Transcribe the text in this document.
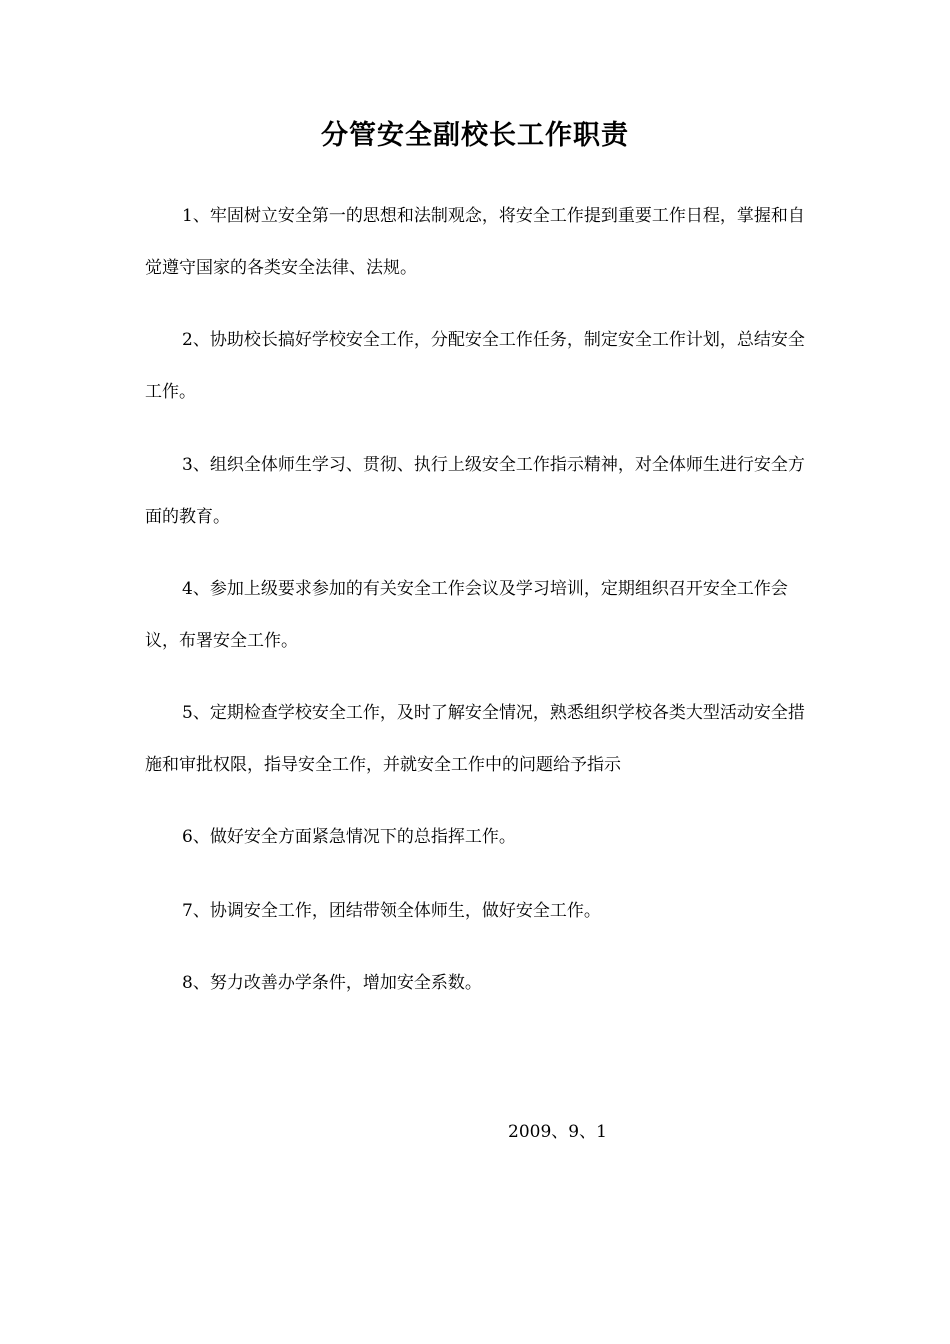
分管安全副校长工作职责

1、牢固树立安全第一的思想和法制观念，将安全工作提到重要工作日程，掌握和自觉遵守国家的各类安全法律、法规。

2、协助校长搞好学校安全工作，分配安全工作任务，制定安全工作计划，总结安全工作。

3、组织全体师生学习、贯彻、执行上级安全工作指示精神，对全体师生进行安全方面的教育。

4、参加上级要求参加的有关安全工作会议及学习培训，定期组织召开安全工作会议，布署安全工作。

5、定期检查学校安全工作，及时了解安全情况，熟悉组织学校各类大型活动安全措施和审批权限，指导安全工作，并就安全工作中的问题给予指示

6、做好安全方面紧急情况下的总指挥工作。

7、协调安全工作，团结带领全体师生，做好安全工作。

8、努力改善办学条件，增加安全系数。

2009、9、1
